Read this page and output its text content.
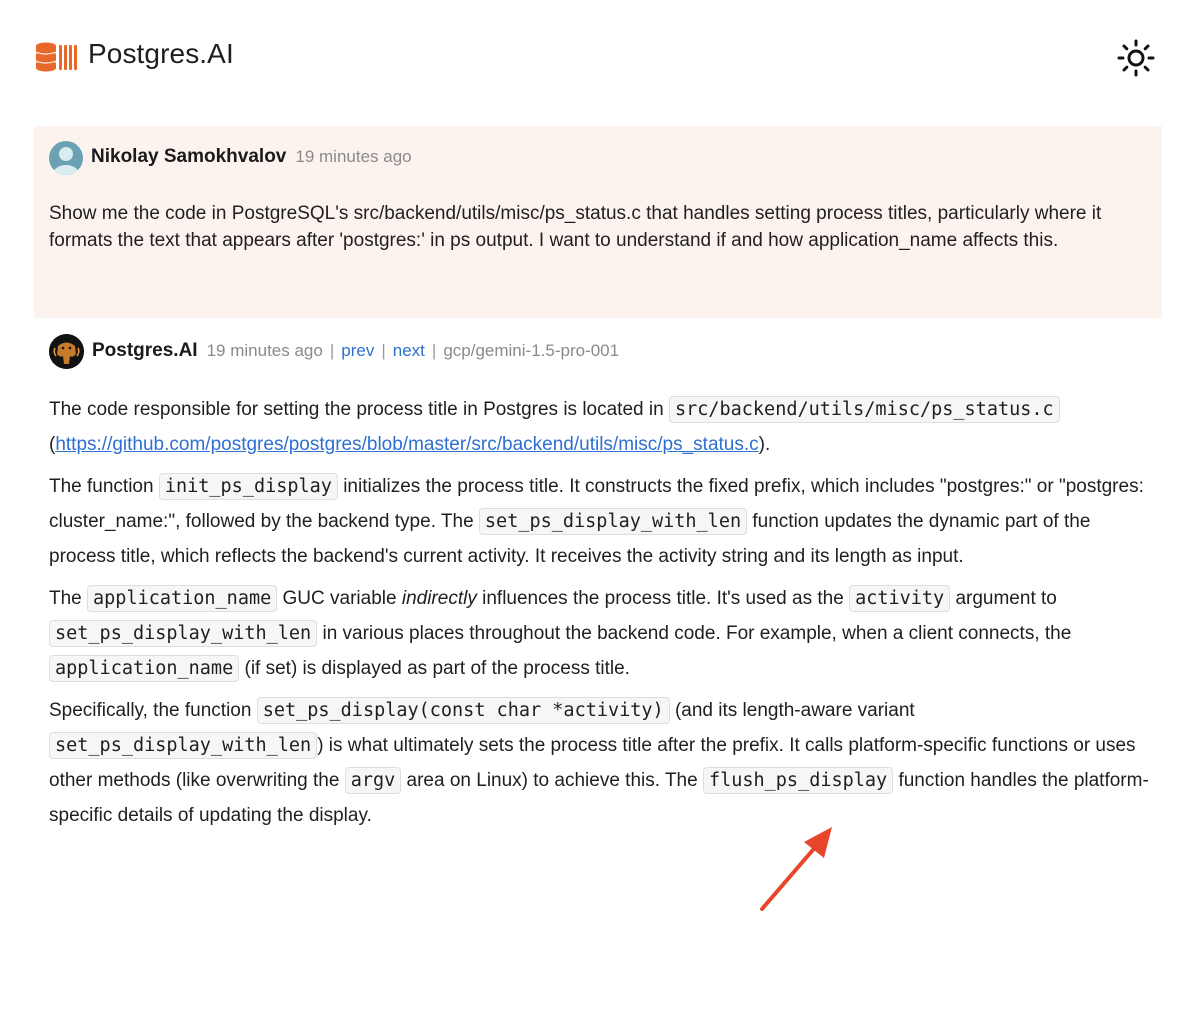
Postgres.AI
Nikolay Samokhvalov 19 minutes ago
Show me the code in PostgreSQL's src/backend/utils/misc/ps_status.c that handles setting process titles, particularly where it formats the text that appears after 'postgres:' in ps output. I want to understand if and how application_name affects this.
Postgres.AI 19 minutes ago | prev | next | gcp/gemini-1.5-pro-001

The code responsible for setting the process title in Postgres is located in src/backend/utils/misc/ps_status.c
(https://github.com/postgres/postgres/blob/master/src/backend/utils/misc/ps_status.c).

The function init_ps_display initializes the process title. It constructs the fixed prefix, which includes "postgres:" or "postgres: cluster_name:", followed by the backend type. The set_ps_display_with_len function updates the dynamic part of the process title, which reflects the backend's current activity. It receives the activity string and its length as input.

The application_name GUC variable indirectly influences the process title. It's used as the activity argument to set_ps_display_with_len in various places throughout the backend code. For example, when a client connects, the application_name (if set) is displayed as part of the process title.

Specifically, the function set_ps_display(const char *activity) (and its length-aware variant set_ps_display_with_len ) is what ultimately sets the process title after the prefix. It calls platform-specific functions or uses other methods (like overwriting the argv area on Linux) to achieve this. The flush_ps_display function handles the platform-specific details of updating the display.
